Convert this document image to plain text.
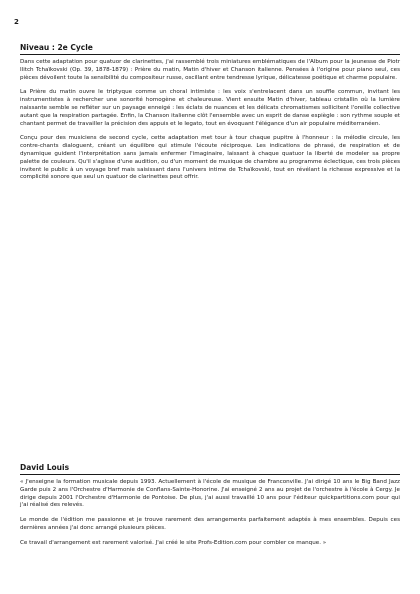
2
Niveau : 2e Cycle

Dans cette adaptation pour quatuor de clarinettes, j'ai rassemblé trois miniatures emblématiques de l'Album pour la jeunesse de Piotr Ilitch Tchaïkovski (Op. 39, 1878-1879) : Prière du matin, Matin d'hiver et Chanson italienne. Pensées à l'origine pour piano seul, ces pièces dévoilent toute la sensibilité du compositeur russe, oscillant entre tendresse lyrique, délicatesse poétique et charme populaire.

La Prière du matin ouvre le triptyque comme un choral intimiste : les voix s'entrelacent dans un souffle commun, invitant les instrumentistes à rechercher une sonorité homogène et chaleureuse. Vient ensuite Matin d'hiver, tableau cristallin où la lumière naissante semble se refléter sur un paysage enneigé : les éclats de nuances et les délicats chromatismes sollicitent l'oreille collective autant que la respiration partagée. Enfin, la Chanson italienne clôt l'ensemble avec un esprit de danse espiègle : son rythme souple et chantant permet de travailler la précision des appuis et le legato, tout en évoquant l'élégance d'un air populaire méditerranéen.

Conçu pour des musiciens de second cycle, cette adaptation met tour à tour chaque pupitre à l'honneur : la mélodie circule, les contre-chants dialoguent, créant un équilibre qui stimule l'écoute réciproque. Les indications de phrasé, de respiration et de dynamique guident l'interprétation sans jamais enfermer l'imaginaire, laissant à chaque quatuor la liberté de modeler sa propre palette de couleurs. Qu'il s'agisse d'une audition, ou d'un moment de musique de chambre au programme éclectique, ces trois pièces invitent le public à un voyage bref mais saisissant dans l'univers intime de Tchaïkovski, tout en révélant la richesse expressive et la complicité sonore que seul un quatuor de clarinettes peut offrir.

David Louis

« J'enseigne la formation musicale depuis 1993. Actuellement à l'école de musique de Franconville. J'ai dirigé 10 ans le Big Band Jazz Garde puis 2 ans l'Orchestre d'Harmonie de Conflans-Sainte-Honorine. J'ai enseigné 2 ans au projet de l'orchestre à l'école à Cergy. Je dirige depuis 2001 l'Orchestre d'Harmonie de Pontoise. De plus, j'ai aussi travaillé 10 ans pour l'éditeur quickpartitions.com pour qui j'ai réalisé des relevés.

Le monde de l'édition me passionne et je trouve rarement des arrangements parfaitement adaptés à mes ensembles. Depuis ces dernières années j'ai donc arrangé plusieurs pièces.

Ce travail d'arrangement est rarement valorisé. J'ai créé le site Profs-Edition.com pour combler ce manque. »
